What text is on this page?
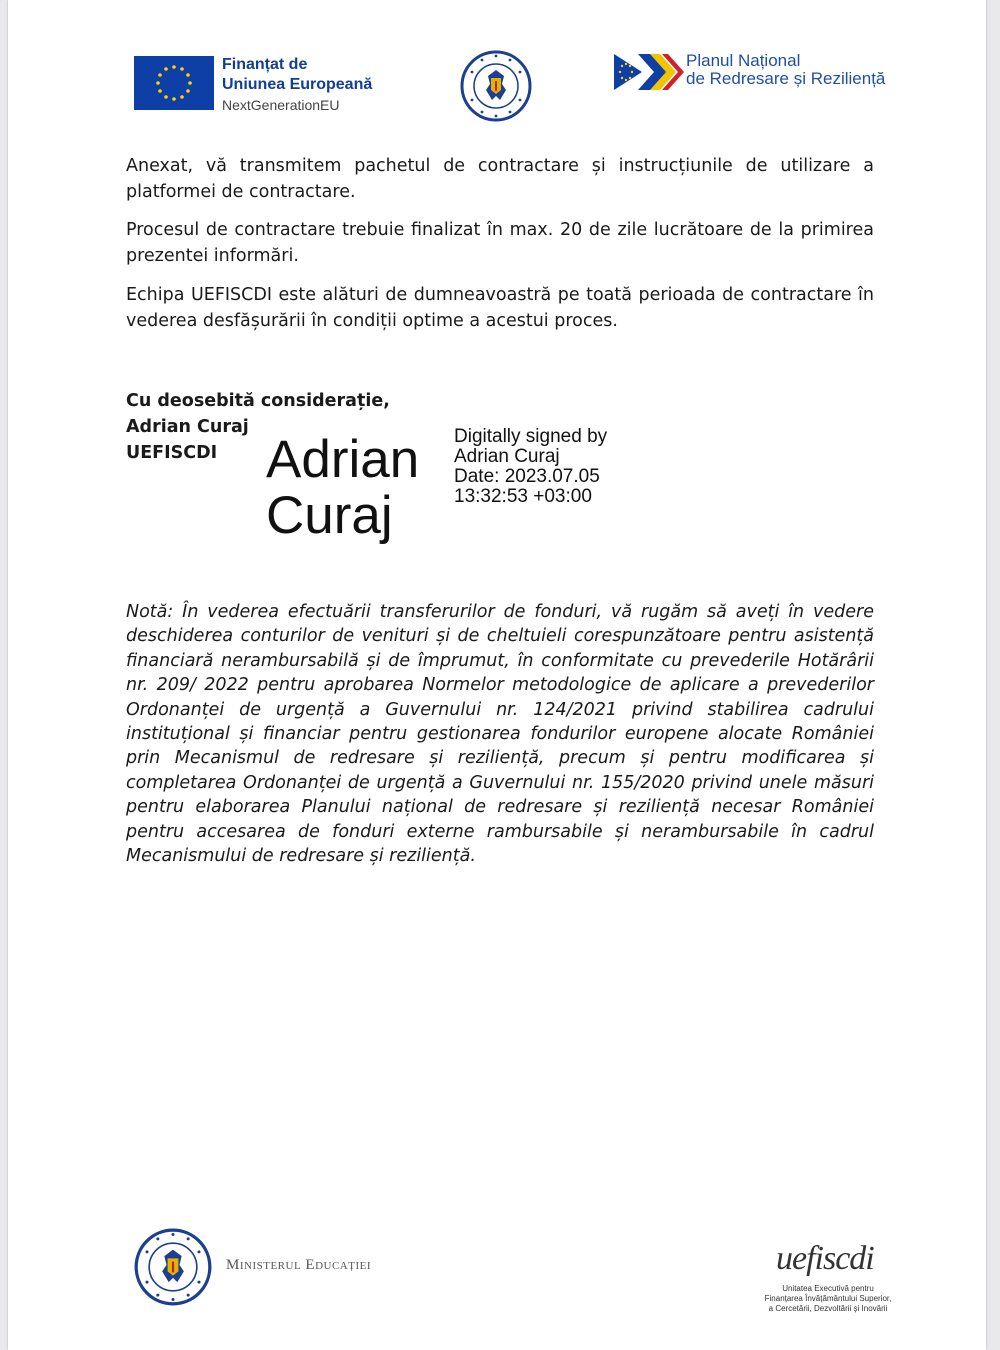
Finanțat de
Uniunea Europeană
NextGenerationEU
Planul Național
de Redresare și Reziliență

Anexat, vă transmitem pachetul de contractare și instrucțiunile de utilizare a platformei de contractare.

Procesul de contractare trebuie finalizat în max. 20 de zile lucrătoare de la primirea prezentei informări.

Echipa UEFISCDI este alături de dumneavoastră pe toată perioada de contractare în vederea desfășurării în condiții optime a acestui proces.

Cu deosebită considerație,
Adrian Curaj
UEFISCDI Adrian
Curaj
Digitally signed by
Adrian Curaj
Date: 2023.07.05
13:32:53 +03:00

Notă: În vederea efectuării transferurilor de fonduri, vă rugăm să aveți în vedere deschiderea conturilor de venituri și de cheltuieli corespunzătoare pentru asistență financiară nerambursabilă și de împrumut, în conformitate cu prevederile Hotărârii nr. 209/ 2022 pentru aprobarea Normelor metodologice de aplicare a prevederilor Ordonanței de urgență a Guvernului nr. 124/2021 privind stabilirea cadrului instituțional și financiar pentru gestionarea fondurilor europene alocate României prin Mecanismul de redresare și reziliență, precum și pentru modificarea și completarea Ordonanței de urgență a Guvernului nr. 155/2020 privind unele măsuri pentru elaborarea Planului național de redresare și reziliență necesar României pentru accesarea de fonduri externe rambursabile și nerambursabile în cadrul Mecanismului de redresare și reziliență.

Ministerul Educației	uefiscdi
Unitatea Executivă pentru
Finanțarea Învățământului Superior,
a Cercetării, Dezvoltării și Inovării
